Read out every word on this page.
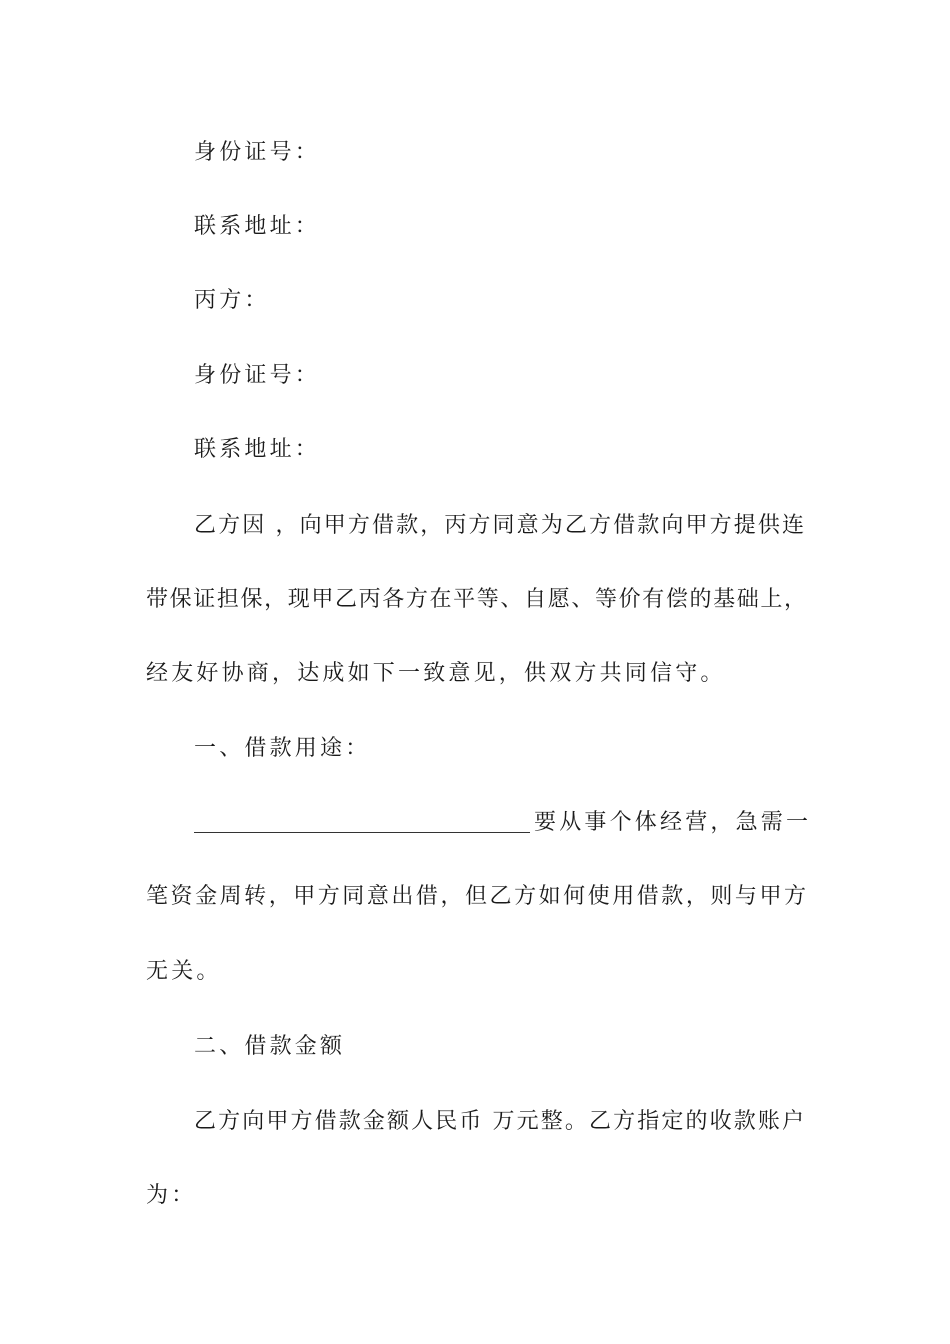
身份证号：
联系地址：
丙方：
身份证号：
联系地址：
乙方因 ，向甲方借款，丙方同意为乙方借款向甲方提供连
带保证担保，现甲乙丙各方在平等、自愿、等价有偿的基础上，
经友好协商，达成如下一致意见，供双方共同信守。
一、借款用途：
要从事个体经营，急需一
笔资金周转，甲方同意出借，但乙方如何使用借款，则与甲方
无关。
二、借款金额
乙方向甲方借款金额人民币 万元整。乙方指定的收款账户
为：
